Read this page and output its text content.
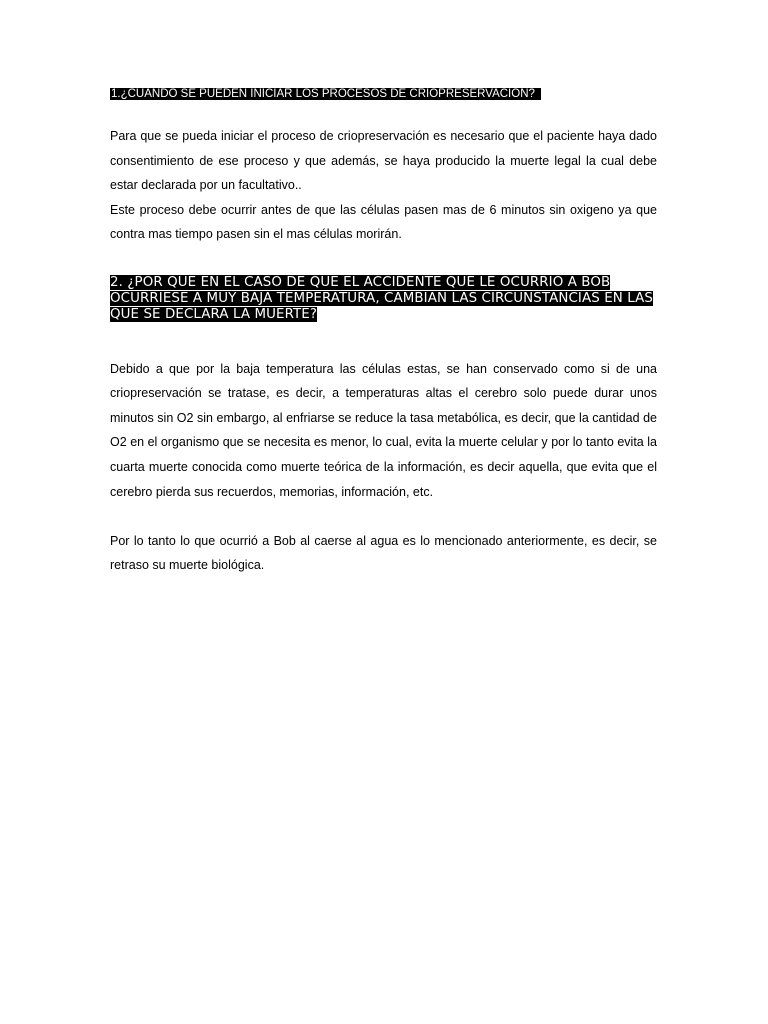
1.¿CUÁNDO SE PUEDEN INICIAR LOS PROCESOS DE CRIOPRESERVACIÓN?

Para que se pueda iniciar el proceso de criopreservación es necesario que el paciente haya dado consentimiento de ese proceso y que además, se haya producido la muerte legal la cual debe estar declarada por un facultativo..

Este proceso debe ocurrir antes de que las células pasen mas de 6 minutos sin oxigeno ya que contra mas tiempo pasen sin el mas células morirán.

2. ¿POR QUE EN EL CASO DE QUE EL ACCIDENTE QUE LE OCURRIO A BOB OCURRIESE A MUY BAJA TEMPERATURA, CAMBIAN LAS CIRCUNSTANCIAS EN LAS QUE SE DECLARA LA MUERTE?

Debido a que por la baja temperatura las células estas, se han conservado como si de una criopreservación se tratase, es decir, a temperaturas altas el cerebro solo puede durar unos minutos sin O2 sin embargo, al enfriarse se reduce la tasa metabólica, es decir, que la cantidad de O2 en el organismo que se necesita es menor, lo cual, evita la muerte celular y por lo tanto evita la cuarta muerte conocida como muerte teórica de la información, es decir aquella, que evita que el cerebro pierda sus recuerdos, memorias, información, etc.

Por lo tanto lo que ocurrió a Bob al caerse al agua es lo mencionado anteriormente, es decir, se retraso su muerte biológica.
